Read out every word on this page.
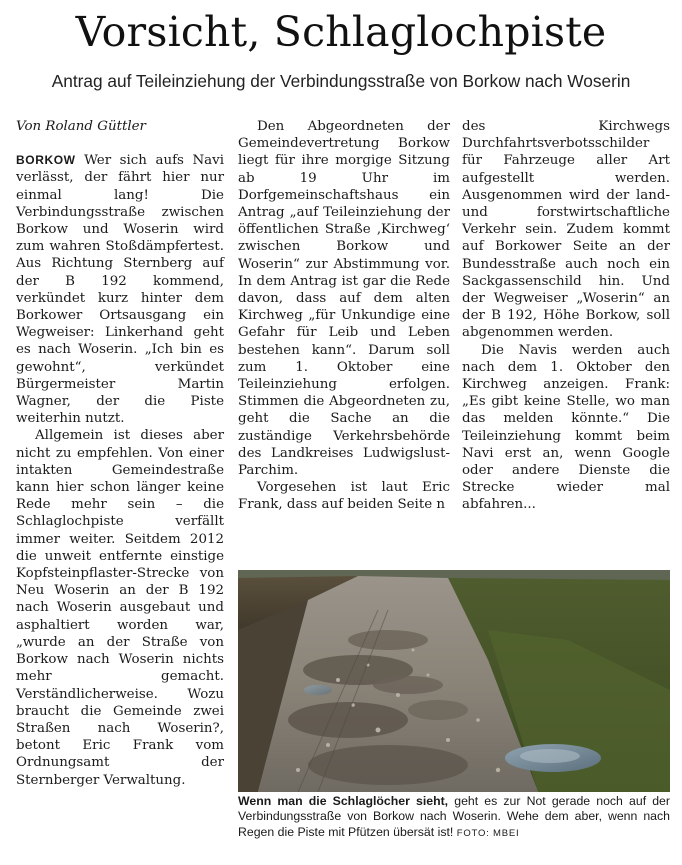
Vorsicht, Schlaglochpiste
Antrag auf Teileinziehung der Verbindungsstraße von Borkow nach Woserin

Von Roland Güttler

BORKOW Wer sich aufs Navi verlässt, der fährt hier nur einmal lang! Die Verbindungsstraße zwischen Borkow und Woserin wird zum wahren Stoßdämpfertest. Aus Richtung Sternberg auf der B 192 kommend, verkündet kurz hinter dem Borkower Ortsausgang ein Wegweiser: Linkerhand geht es nach Woserin. „Ich bin es gewohnt“, verkündet Bürgermeister Martin Wagner, der die Piste weiterhin nutzt.

Allgemein ist dieses aber nicht zu empfehlen. Von einer intakten Gemeindestraße kann hier schon länger keine Rede mehr sein – die Schlaglochpiste verfällt immer weiter. Seitdem 2012 die unweit entfernte einstige Kopfsteinpflaster-Strecke von Neu Woserin an der B 192 nach Woserin ausgebaut und asphaltiert worden war, „wurde an der Straße von Borkow nach Woserin nichts mehr gemacht. Verständlicherweise. Wozu braucht die Gemeinde zwei Straßen nach Woserin?, betont Eric Frank vom Ordnungsamt der Sternberger Verwaltung.

Den Abgeordneten der Gemeindevertretung Borkow liegt für ihre morgige Sitzung ab 19 Uhr im Dorfgemeinschaftshaus ein Antrag „auf Teileinziehung der öffentlichen Straße ‚Kirchweg‘ zwischen Borkow und Woserin“ zur Abstimmung vor. In dem Antrag ist gar die Rede davon, dass auf dem alten Kirchweg „für Unkundige eine Gefahr für Leib und Leben bestehen kann“. Darum soll zum 1. Oktober eine Teileinziehung erfolgen. Stimmen die Abgeordneten zu, geht die Sache an die zuständige Verkehrsbehörde des Landkreises Ludwigslust-Parchim.

Vorgesehen ist laut Eric Frank, dass auf beiden Seite n

des Kirchwegs Durchfahrtsverbotsschilder für Fahrzeuge aller Art aufgestellt werden. Ausgenommen wird der land- und forstwirtschaftliche Verkehr sein. Zudem kommt auf Borkower Seite an der Bundesstraße auch noch ein Sackgassenschild hin. Und der Wegweiser „Woserin“ an der B 192, Höhe Borkow, soll abgenommen werden.

Die Navis werden auch nach dem 1. Oktober den Kirchweg anzeigen. Frank: „Es gibt keine Stelle, wo man das melden könnte.“ Die Teileinziehung kommt beim Navi erst an, wenn Google oder andere Dienste die Strecke wieder mal abfahren...

Wenn man die Schlaglöcher sieht, geht es zur Not gerade noch auf der Verbindungsstraße von Borkow nach Woserin. Wehe dem aber, wenn nach Regen die Piste mit Pfützen übersät ist! FOTO: MBEI
